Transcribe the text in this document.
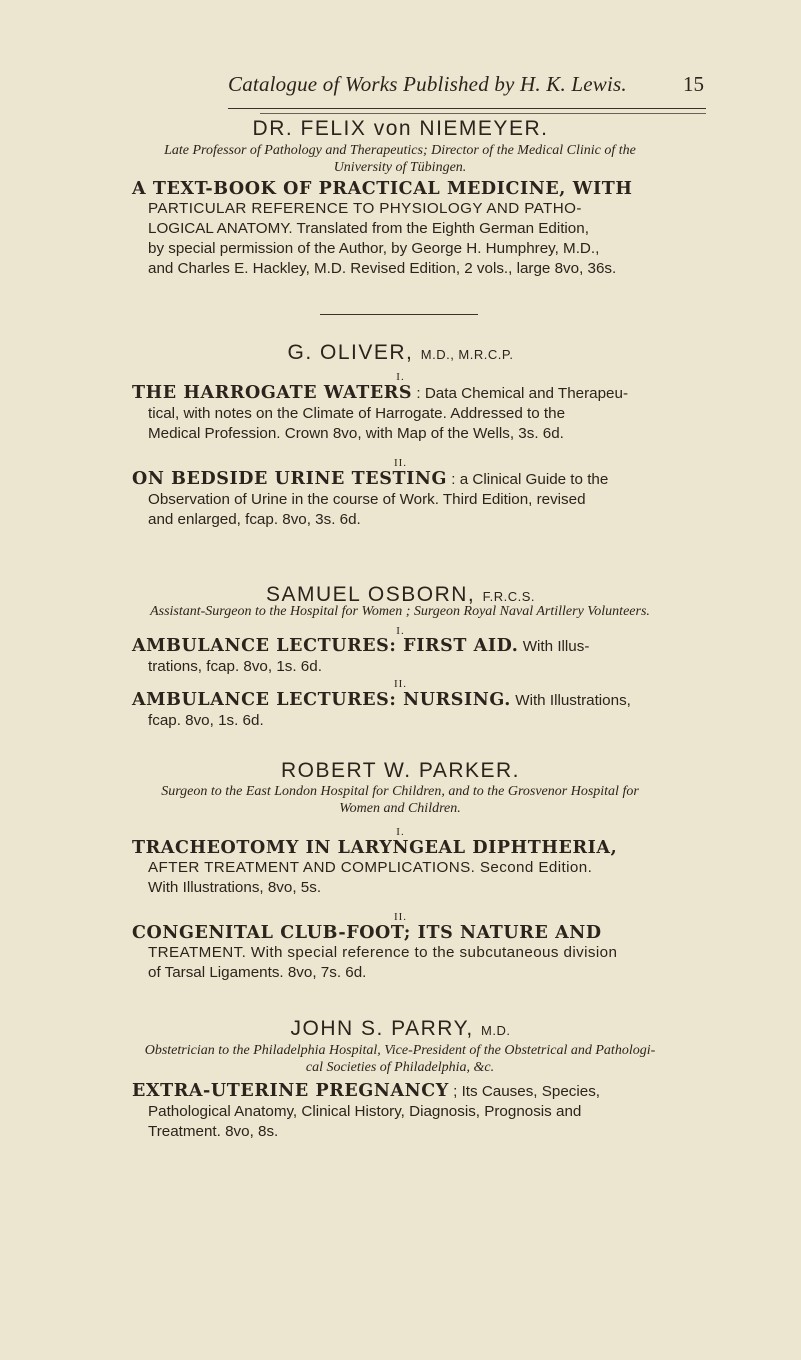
Catalogue of Works Published by H. K. Lewis.	15
DR. FELIX von NIEMEYER.
Late Professor of Pathology and Therapeutics; Director of the Medical Clinic of the
University of Tübingen.
A TEXT-BOOK OF PRACTICAL MEDICINE, WITH
PARTICULAR REFERENCE TO PHYSIOLOGY AND PATHO-
LOGICAL ANATOMY. Translated from the Eighth German Edition,
by special permission of the Author, by George H. Humphrey, M.D.,
and Charles E. Hackley, M.D. Revised Edition, 2 vols., large 8vo, 36s.
G. OLIVER, M.D., M.R.C.P.
I.
THE HARROGATE WATERS : Data Chemical and Therapeu-
tical, with notes on the Climate of Harrogate. Addressed to the
Medical Profession. Crown 8vo, with Map of the Wells, 3s. 6d.
II.
ON BEDSIDE URINE TESTING : a Clinical Guide to the
Observation of Urine in the course of Work. Third Edition, revised
and enlarged, fcap. 8vo, 3s. 6d.
SAMUEL OSBORN, F.R.C.S.
Assistant-Surgeon to the Hospital for Women ; Surgeon Royal Naval Artillery Volunteers.
I.
AMBULANCE LECTURES: FIRST AID. With Illus-
trations, fcap. 8vo, 1s. 6d.
II.
AMBULANCE LECTURES: NURSING. With Illustrations,
fcap. 8vo, 1s. 6d.
ROBERT W. PARKER.
Surgeon to the East London Hospital for Children, and to the Grosvenor Hospital for
Women and Children.
I.
TRACHEOTOMY IN LARYNGEAL DIPHTHERIA,
AFTER TREATMENT AND COMPLICATIONS. Second Edition.
With Illustrations, 8vo, 5s.
II.
CONGENITAL CLUB-FOOT; ITS NATURE AND
TREATMENT. With special reference to the subcutaneous division
of Tarsal Ligaments. 8vo, 7s. 6d.
JOHN S. PARRY, M.D.
Obstetrician to the Philadelphia Hospital, Vice-President of the Obstetrical and Pathologi-
cal Societies of Philadelphia, &c.
EXTRA-UTERINE PREGNANCY ; Its Causes, Species,
Pathological Anatomy, Clinical History, Diagnosis, Prognosis and
Treatment. 8vo, 8s.
